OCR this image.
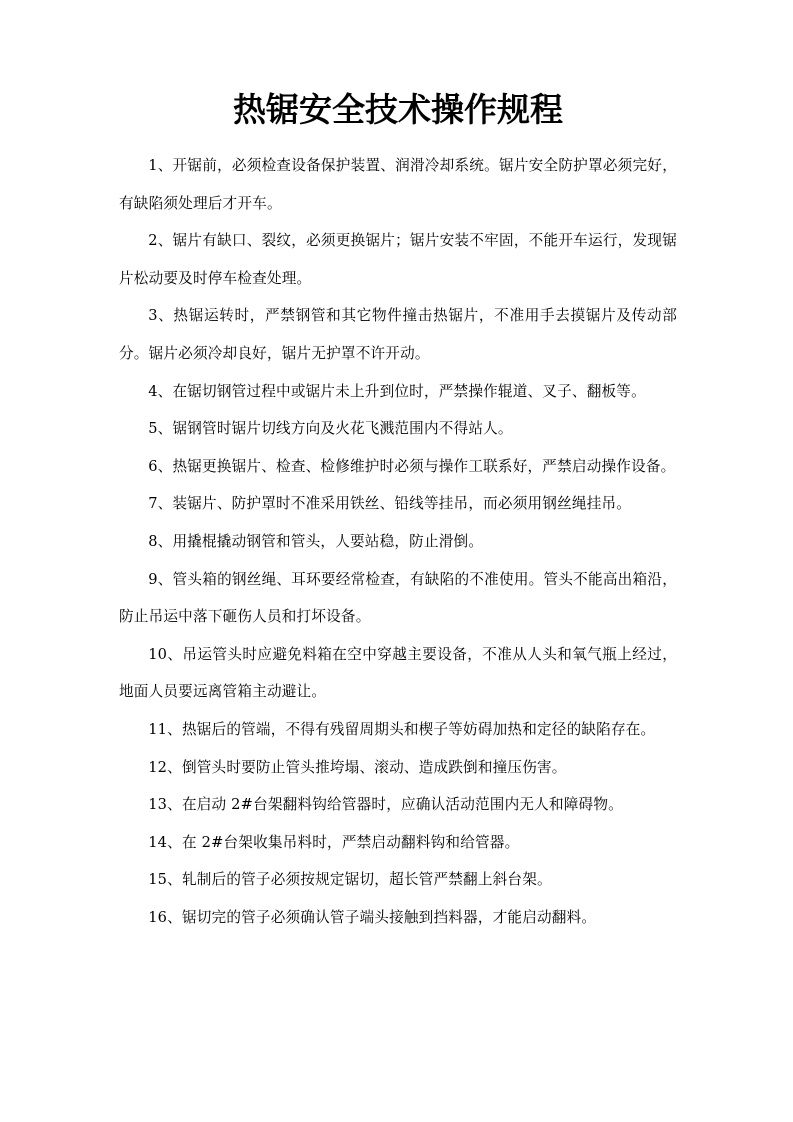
热锯安全技术操作规程

1、开锯前，必须检查设备保护装置、润滑冷却系统。锯片安全防护罩必须完好，有缺陷须处理后才开车。

2、锯片有缺口、裂纹，必须更换锯片；锯片安装不牢固，不能开车运行，发现锯片松动要及时停车检查处理。

3、热锯运转时，严禁钢管和其它物件撞击热锯片，不准用手去摸锯片及传动部分。锯片必须冷却良好，锯片无护罩不许开动。

4、在锯切钢管过程中或锯片未上升到位时，严禁操作辊道、叉子、翻板等。

5、锯钢管时锯片切线方向及火花飞溅范围内不得站人。

6、热锯更换锯片、检查、检修维护时必须与操作工联系好，严禁启动操作设备。

7、装锯片、防护罩时不准采用铁丝、铅线等挂吊，而必须用钢丝绳挂吊。

8、用撬棍撬动钢管和管头，人要站稳，防止滑倒。

9、管头箱的钢丝绳、耳环要经常检查，有缺陷的不准使用。管头不能高出箱沿，防止吊运中落下砸伤人员和打坏设备。

10、吊运管头时应避免料箱在空中穿越主要设备，不准从人头和氧气瓶上经过，地面人员要远离管箱主动避让。

11、热锯后的管端，不得有残留周期头和楔子等妨碍加热和定径的缺陷存在。

12、倒管头时要防止管头推垮塌、滚动、造成跌倒和撞压伤害。

13、在启动 2#台架翻料钩给管器时，应确认活动范围内无人和障碍物。

14、在 2#台架收集吊料时，严禁启动翻料钩和给管器。

15、轧制后的管子必须按规定锯切，超长管严禁翻上斜台架。

16、锯切完的管子必须确认管子端头接触到挡料器，才能启动翻料。
